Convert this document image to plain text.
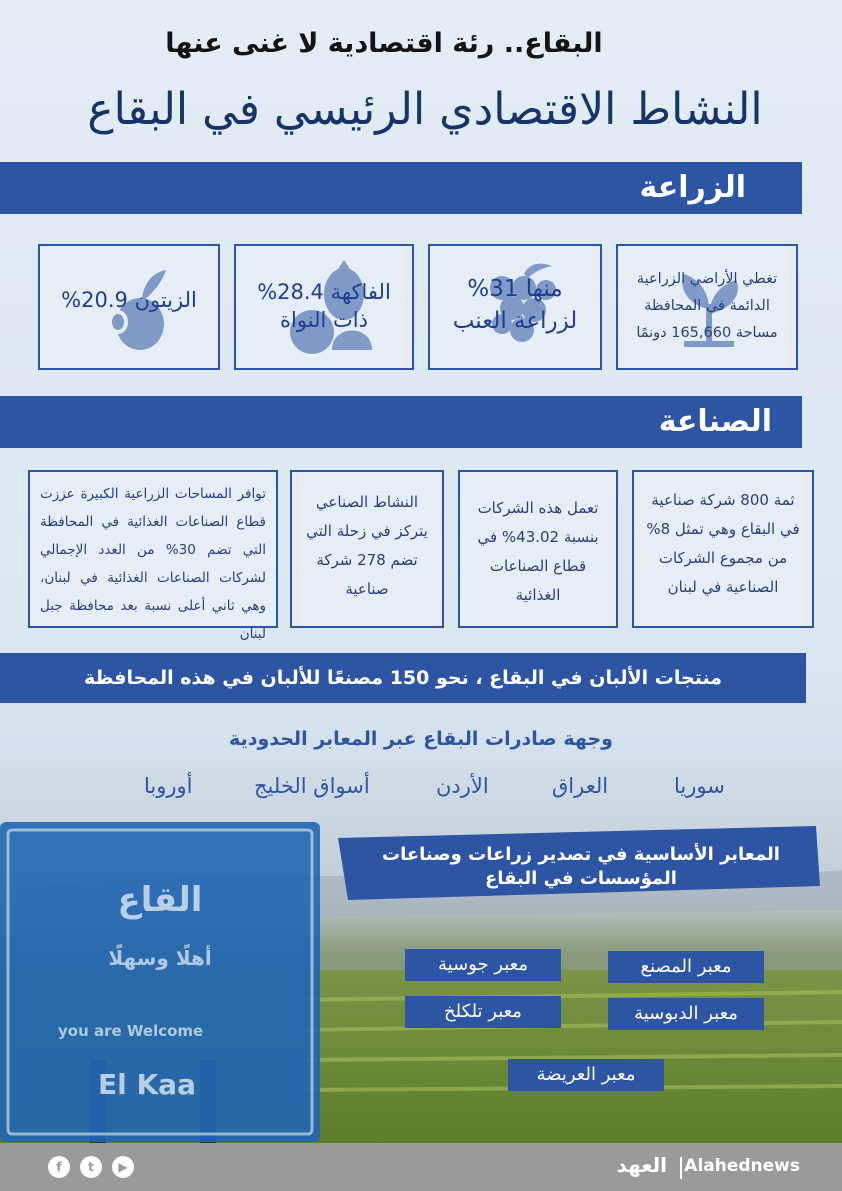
البقاع.. رئة اقتصادية لا غنى عنها
النشاط الاقتصادي الرئيسي في البقاع
الزراعة
تغطي الأراضي الزراعية الدائمة في المحافظة مساحة 165,660 دونمًا
منها 31%
لزراعة العنب
الفاكهة 28.4%
ذات النواة
الزيتون 20.9%
الصناعة
ثمة 800 شركة صناعية في البقاع وهي تمثل 8% من مجموع الشركات الصناعية في لبنان
تعمل هذه الشركات بنسبة 43.02% في قطاع الصناعات الغذائية
النشاط الصناعي يتركز في زحلة التي تضم 278 شركة صناعية
توافر المساحات الزراعية الكبيرة عززت قطاع الصناعات الغذائية في المحافظة التي تضم 30% من العدد الإجمالي لشركات الصناعات الغذائية في لبنان، وهي ثاني أعلى نسبة بعد محافظة جبل لبنان
منتجات الألبان في البقاع ، نحو 150 مصنعًا للألبان في هذه المحافظة
القاع
أهلًا وسهلًا
you are Welcome
El Kaa
وجهة صادرات البقاع عبر المعابر الحدودية
سوريا
العراق
الأردن
أسواق الخليج
أوروبا
المعابر الأساسية في تصدير زراعات وصناعات المؤسسات في البقاع
معبر المصنع
معبر جوسية
معبر الدبوسية
معبر تلكلخ
معبر العريضة
f	t	▶	Alahednews
العهد
